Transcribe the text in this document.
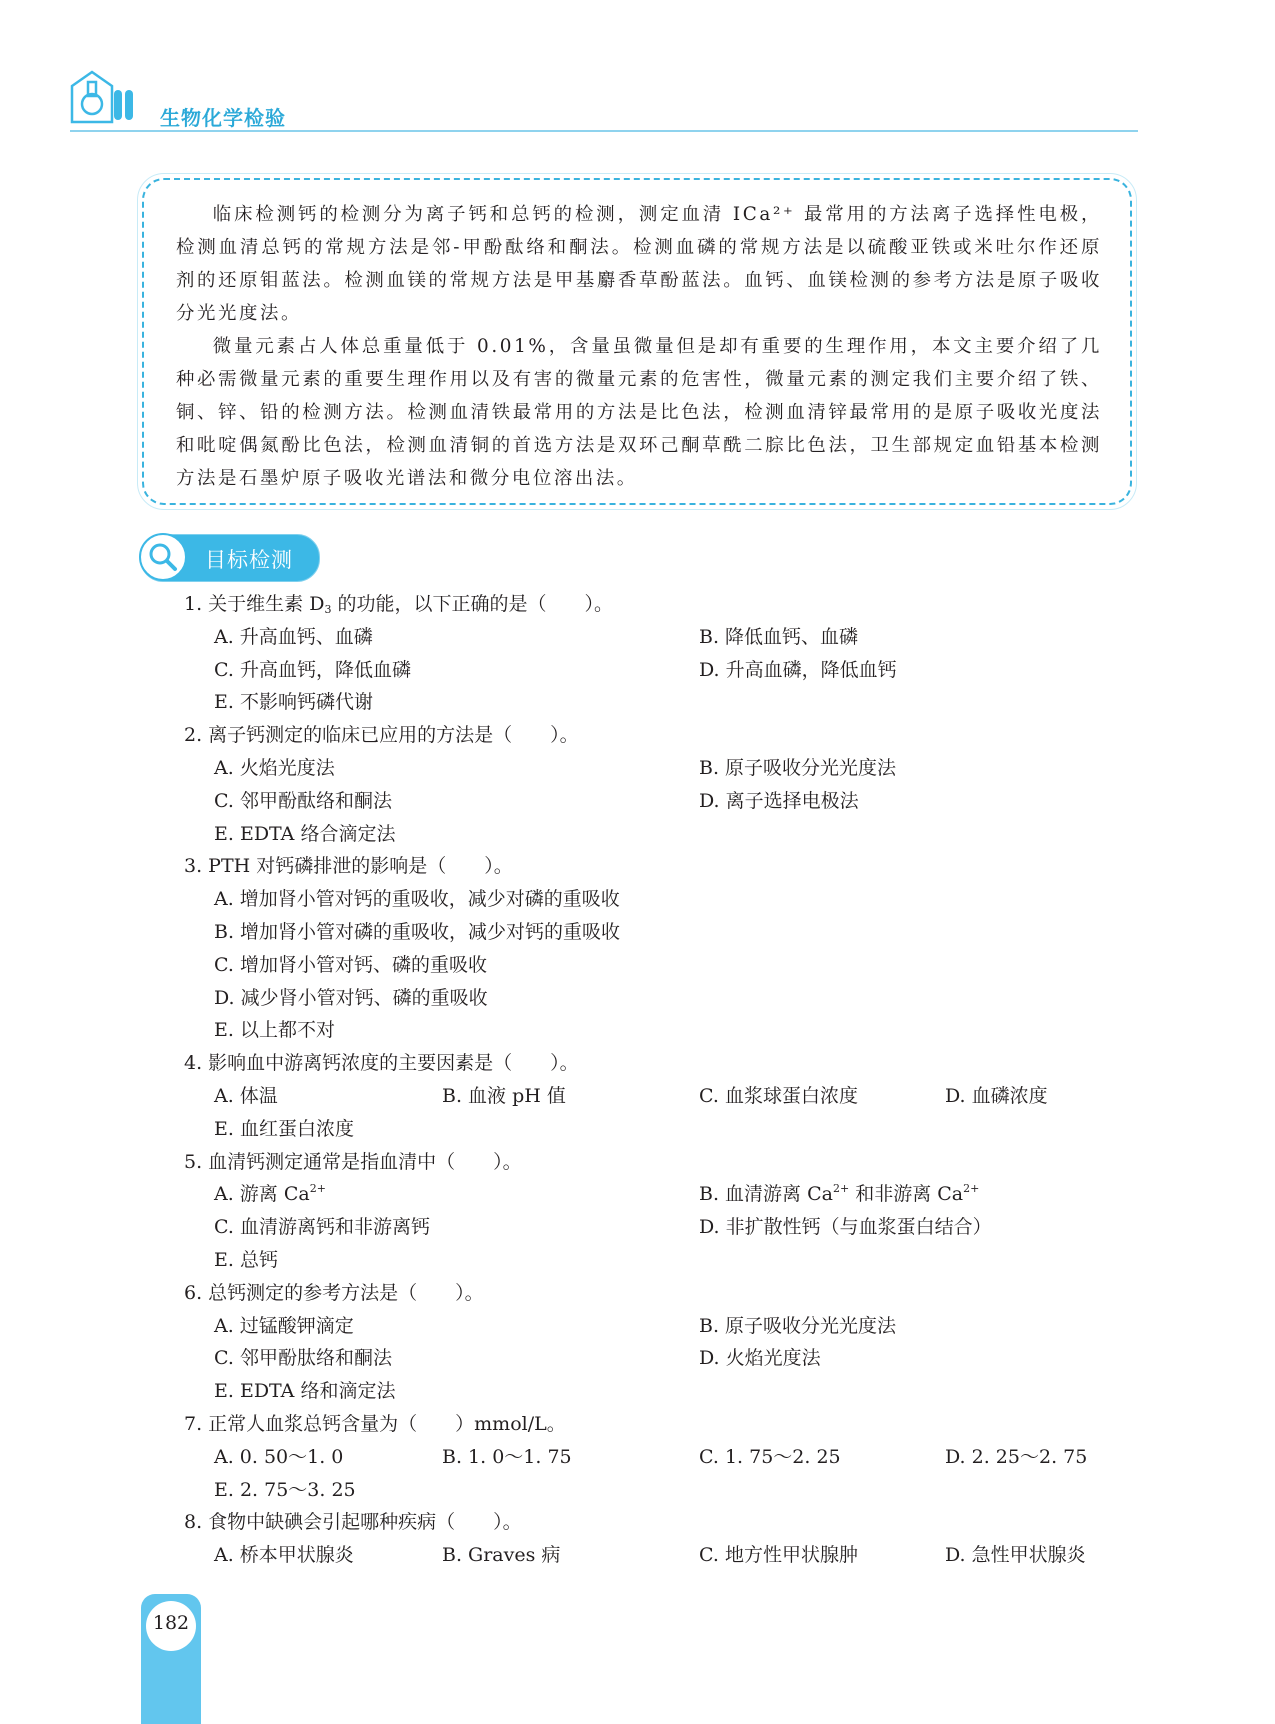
生物化学检验

临床检测钙的检测分为离子钙和总钙的检测，测定血清 ICa²⁺ 最常用的方法离子选择性电极，检测血清总钙的常规方法是邻-甲酚酞络和酮法。检测血磷的常规方法是以硫酸亚铁或米吐尔作还原剂的还原钼蓝法。检测血镁的常规方法是甲基麝香草酚蓝法。血钙、血镁检测的参考方法是原子吸收分光光度法。

微量元素占人体总重量低于 0.01%，含量虽微量但是却有重要的生理作用，本文主要介绍了几种必需微量元素的重要生理作用以及有害的微量元素的危害性，微量元素的测定我们主要介绍了铁、铜、锌、铅的检测方法。检测血清铁最常用的方法是比色法，检测血清锌最常用的是原子吸收光度法和吡啶偶氮酚比色法，检测血清铜的首选方法是双环己酮草酰二腙比色法，卫生部规定血铅基本检测方法是石墨炉原子吸收光谱法和微分电位溶出法。

目标检测
1. 关于维生素 $D_3$ 的功能，以下正确的是（　　）。
A. 升高血钙、血磷	B. 降低血钙、血磷
C. 升高血钙，降低血磷	D. 升高血磷，降低血钙
E. 不影响钙磷代谢
2. 离子钙测定的临床已应用的方法是（　　）。
A. 火焰光度法	B. 原子吸收分光光度法
C. 邻甲酚酞络和酮法	D. 离子选择电极法
E. EDTA 络合滴定法
3. PTH 对钙磷排泄的影响是（　　）。
A. 增加肾小管对钙的重吸收，减少对磷的重吸收
B. 增加肾小管对磷的重吸收，减少对钙的重吸收
C. 增加肾小管对钙、磷的重吸收
D. 减少肾小管对钙、磷的重吸收
E. 以上都不对
4. 影响血中游离钙浓度的主要因素是（　　）。
A. 体温	B. 血液 pH 值	C. 血浆球蛋白浓度	D. 血磷浓度
E. 血红蛋白浓度
5. 血清钙测定通常是指血清中（　　）。
A. 游离 $Ca^{2+}$	B. 血清游离 $Ca^{2+}$ 和非游离 $Ca^{2+}$
C. 血清游离钙和非游离钙	D. 非扩散性钙（与血浆蛋白结合）
E. 总钙
6. 总钙测定的参考方法是（　　）。
A. 过锰酸钾滴定	B. 原子吸收分光光度法
C. 邻甲酚肽络和酮法	D. 火焰光度法
E. EDTA 络和滴定法
7. 正常人血浆总钙含量为（　　）mmol/L。
A. 0. 50～1. 0	B. 1. 0～1. 75	C. 1. 75～2. 25	D. 2. 25～2. 75
E. 2. 75～3. 25
8. 食物中缺碘会引起哪种疾病（　　）。
A. 桥本甲状腺炎	B. Graves 病	C. 地方性甲状腺肿	D. 急性甲状腺炎
182
